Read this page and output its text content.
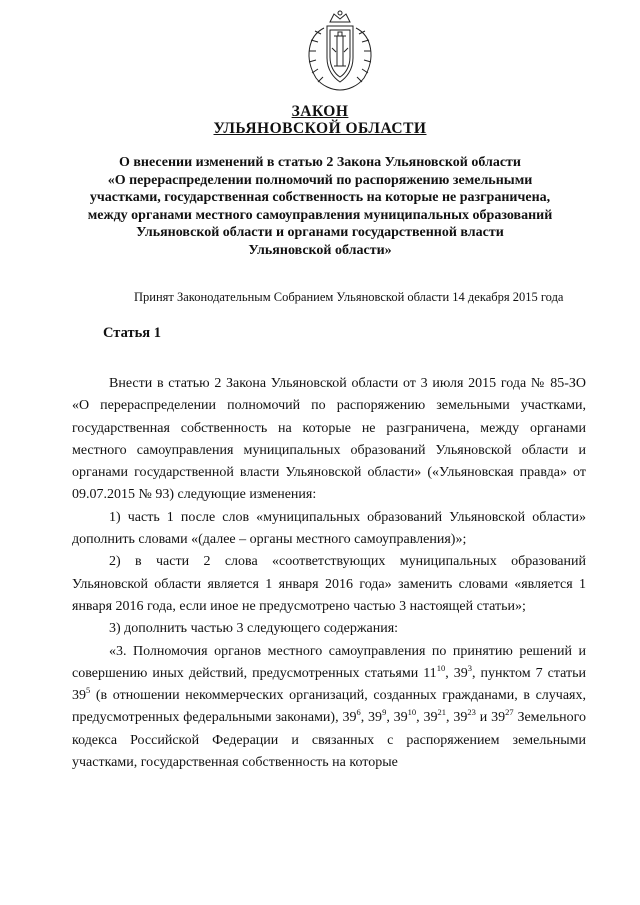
ЗАКОН
УЛЬЯНОВСКОЙ ОБЛАСТИ
О внесении изменений в статью 2 Закона Ульяновской области
«О перераспределении полномочий по распоряжению земельными
участками, государственная собственность на которые не разграничена,
между органами местного самоуправления муниципальных образований
Ульяновской области и органами государственной власти
Ульяновской области»
Принят Законодательным Собранием Ульяновской области 14 декабря 2015 года
Статья 1

Внести в статью 2 Закона Ульяновской области от 3 июля 2015 года № 85-ЗО «О перераспределении полномочий по распоряжению земельными участками, государственная собственность на которые не разграничена, между органами местного самоуправления муниципальных образований Ульяновской области и органами государственной власти Ульяновской области» («Ульяновская правда» от 09.07.2015 № 93) следующие изменения:

1) часть 1 после слов «муниципальных образований Ульяновской области» дополнить словами «(далее – органы местного самоуправления)»;

2) в части 2 слова «соответствующих муниципальных образований Ульяновской области является 1 января 2016 года» заменить словами «является 1 января 2016 года, если иное не предусмотрено частью 3 настоящей статьи»;

3) дополнить частью 3 следующего содержания:

«3. Полномочия органов местного самоуправления по принятию решений и совершению иных действий, предусмотренных статьями $11^{10}$, $39^3$, пунктом 7 статьи $39^5$ (в отношении некоммерческих организаций, созданных гражданами, в случаях, предусмотренных федеральными законами), $39^6$, $39^9$, $39^{10}$, $39^{21}$, $39^{23}$ и $39^{27}$ Земельного кодекса Российской Федерации и связанных с распоряжением земельными участками, государственная собственность на которые
